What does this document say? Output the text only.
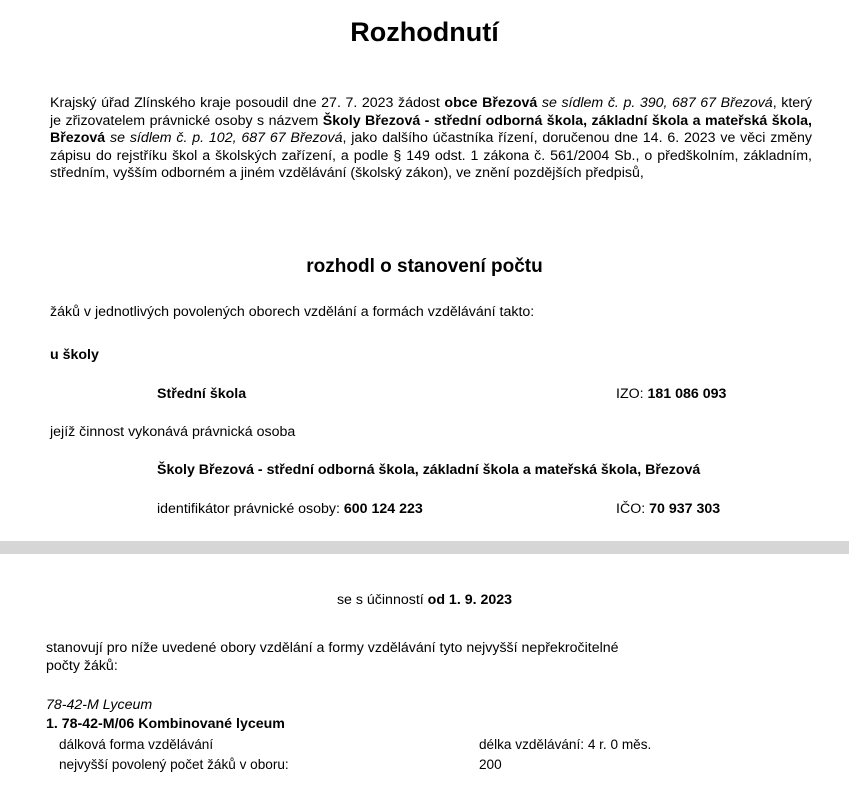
Rozhodnutí
Krajský úřad Zlínského kraje posoudil dne 27. 7. 2023 žádost obce Březová se sídlem č. p. 390, 687 67 Březová, který je zřizovatelem právnické osoby s názvem Školy Březová - střední odborná škola, základní škola a mateřská škola, Březová se sídlem č. p. 102, 687 67 Březová, jako dalšího účastníka řízení, doručenou dne 14. 6. 2023 ve věci změny zápisu do rejstříku škol a školských zařízení, a podle § 149 odst. 1 zákona č. 561/2004 Sb., o předškolním, základním, středním, vyšším odborném a jiném vzdělávání (školský zákon), ve znění pozdějších předpisů,
rozhodl o stanovení počtu
žáků v jednotlivých povolených oborech vzdělání a formách vzdělávání takto:
u školy
Střední škola	IZO: 181 086 093
jejíž činnost vykonává právnická osoba
Školy Březová - střední odborná škola, základní škola a mateřská škola, Březová
identifikátor právnické osoby: 600 124 223	IČO: 70 937 303
se s účinností od 1. 9. 2023
stanovují pro níže uvedené obory vzdělání a formy vzdělávání tyto nejvyšší nepřekročitelné
počty žáků:
78-42-M Lyceum
1. 78-42-M/06 Kombinované lyceum
dálková forma vzdělávání	délka vzdělávání: 4 r. 0 měs.
nejvyšší povolený počet žáků v oboru:	200
